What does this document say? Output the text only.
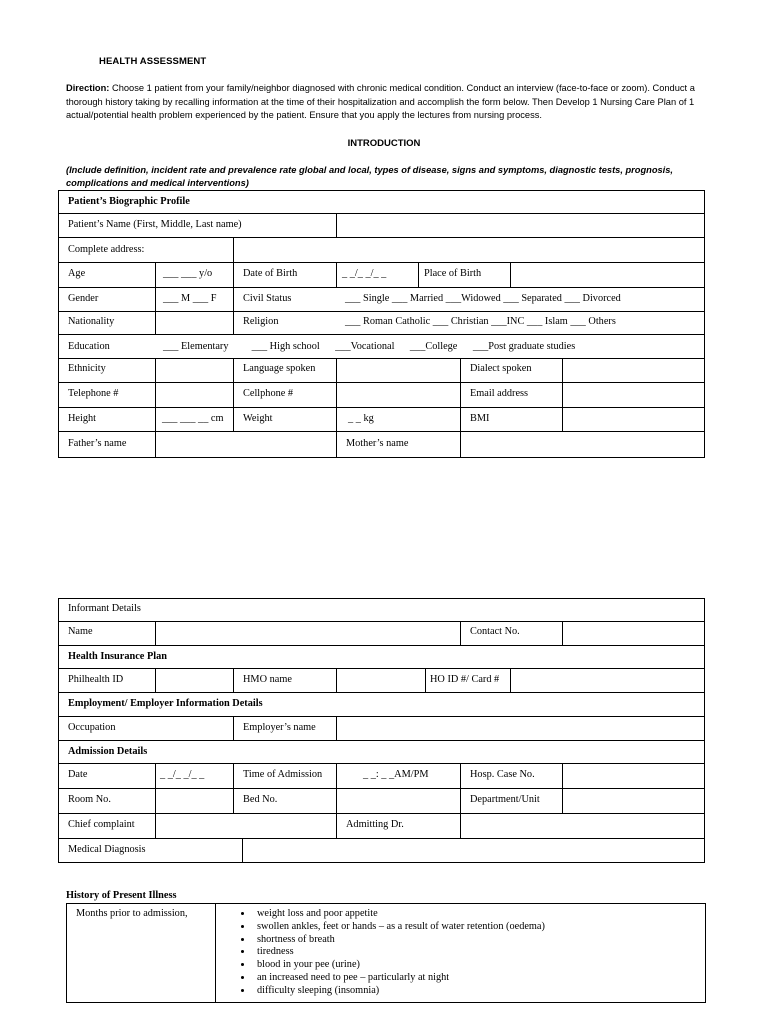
HEALTH ASSESSMENT
Direction: Choose 1 patient from your family/neighbor diagnosed with chronic medical condition. Conduct an interview (face-to-face or zoom). Conduct a thorough history taking by recalling information at the time of their hospitalization and accomplish the form below. Then Develop 1 Nursing Care Plan of 1 actual/potential health problem experienced by the patient. Ensure that you apply the lectures from nursing process.
INTRODUCTION
(Include definition, incident rate and prevalence rate global and local, types of disease, signs and symptoms, diagnostic tests, prognosis, complications and medical interventions)
Patient’s Biographic Profile
Patient’s Name (First, Middle, Last name)
Complete address:
Age	___ ___ y/o	Date of Birth	_ _/_ _/_ _	Place of Birth
Gender	___ M ___ F	Civil Status	___ Single ___ Married ___Widowed ___ Separated ___ Divorced
Nationality	Religion	___ Roman Catholic ___ Christian ___INC ___ Islam ___ Others
Education	___ Elementary         ___ High school      ___Vocational      ___College      ___Post graduate studies
Ethnicity	Language spoken	Dialect spoken
Telephone #	Cellphone #	Email address
Height	___ ___ __ cm Weight	_ _ kg	BMI
Father’s name	Mother’s name
Informant Details
Name	Contact No.
Health Insurance Plan
Philhealth ID	HMO name	HO ID #/ Card #
Employment/ Employer Information Details
Occupation	Employer’s name
Admission Details
Date	_ _/_ _/_ _	Time of Admission	_ _: _ _AM/PM	Hosp. Case No.
Room No.	Bed No.	Department/Unit
Chief complaint	Admitting Dr.
Medical Diagnosis
History of Present Illness
Months prior to admission,
•	weight loss and poor appetite
• swollen ankles, feet or hands – as a result of water retention (oedema)
• shortness of breath
• tiredness
• blood in your pee (urine)
• an increased need to pee – particularly at night
• difficulty sleeping (insomnia)
